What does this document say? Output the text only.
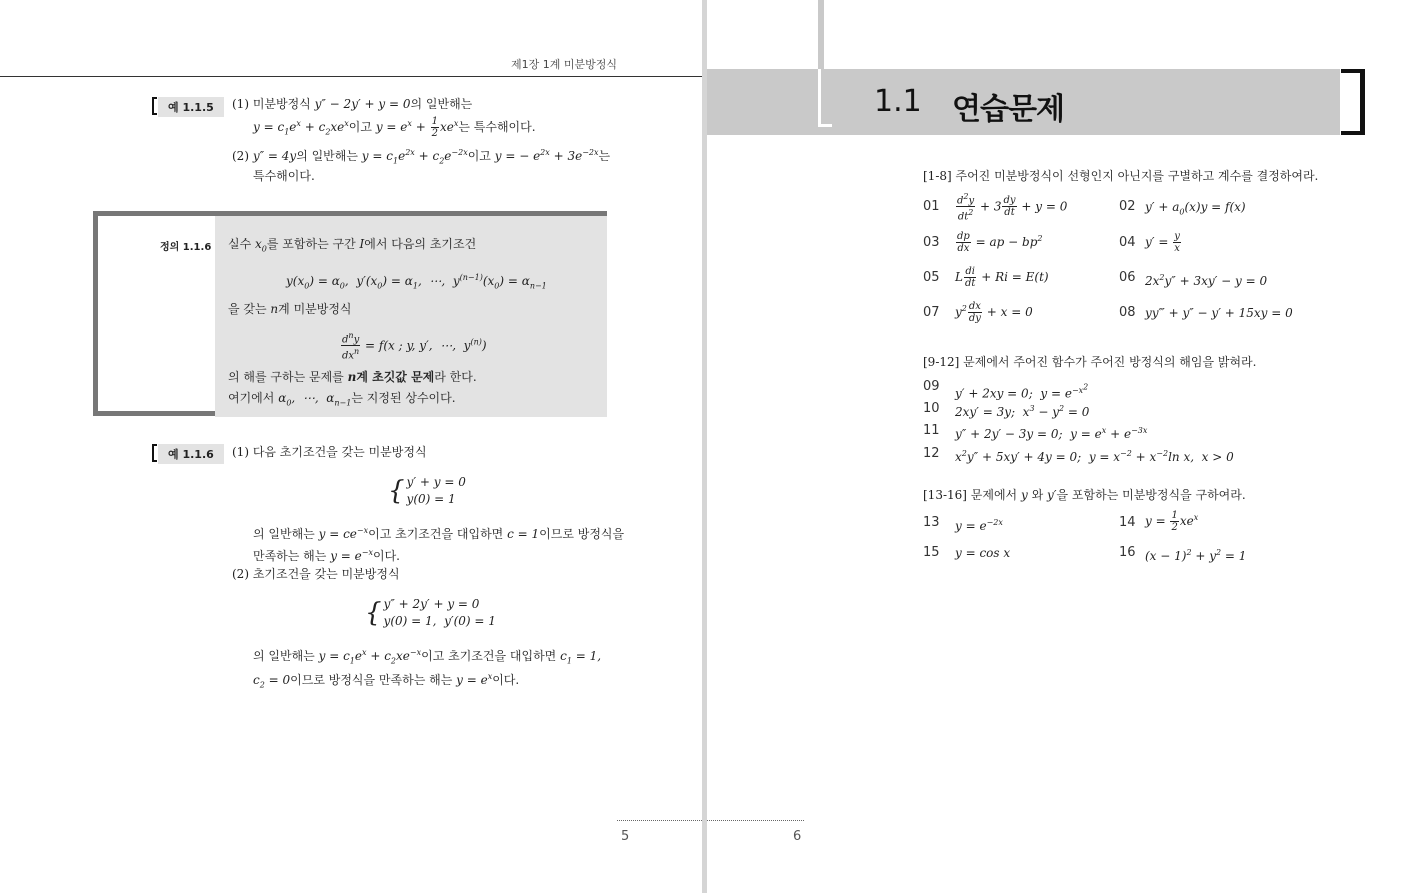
제1장 1계 미분방정식
예 1.1.5	(1) 미분방정식 y″ − 2y′ + y = 0의 일반해는
$y = c_1e^x + c_2xe^x$이고 $y = e^x + \frac{1}{2} xe^x$는 특수해이다.
(2) y″ = 4y의 일반해는 $y = c_1e^{2x} + c_2e^{-2x}$이고 y = − $e^{2x} + 3e^{-2x}$는
특수해이다.
정의 1.1.6 실수 $x_0$를 포함하는 구간 I에서 다음의 초기조건
$y(x_0) = \alpha_0$,  $y'(x_0) = \alpha_1$,  ⋯,  $y^{(n-1)}(x_0) = \alpha_{n-1}$
을 갖는 n계 미분방정식
$\frac{d^ny}{dx^n} = f(x$ ; y, y′,  ⋯,  $y^{(n)}$)
의 해를 구하는 문제를 n계 초깃값 문제라 한다.
여기에서 $\alpha_0$,  ⋯,  $\alpha_{n-1}$는 지정된 상수이다.
예 1.1.6	(1) 다음 초기조건을 갖는 미분방정식
{ y′ + y = 0
y(0) = 1
의 일반해는 $y = ce^{-x}$이고 초기조건을 대입하면 c = 1이므로 방정식을
만족하는 해는 $y = e^{-x}$이다.
(2) 초기조건을 갖는 미분방정식
{ y″ + 2y′ + y = 0
y(0) = 1,  y′(0) = 1
의 일반해는 $y = c_1e^x + c_2xe^{-x}$이고 초기조건을 대입하면 $c_1 = 1$,
$c_2 = 0$이므로 방정식을 만족하는 해는 $y = e^x$이다.
5
1.1 연습문제
[1-8] 주어진 미분방정식이 선형인지 아닌지를 구별하고 계수를 결정하여라.
$01 \frac{d^2y}{dt^2} + 3 \frac{dy}{dt} + y = 0$	02 $y' + a_0(x)y = f(x)$
$03 \frac{dp}{dx}$ = ap − $bp^2$	04 $y' = \frac{y}{x}$
05 L $\frac{di}{dt} + Ri = E(t)$	06 $2x^2y'' + 3xy' - y = 0$
07 $y^2 \frac{dx}{dy} + x = 0$	08 yy‴ + y″ − y′ + 15xy = 0
[9-12] 문제에서 주어진 함수가 주어진 방정식의 해임을 밝혀라.
09 y′ + 2xy = 0;  $y = e^{-x^2}$
10 2xy′ = 3y;  $x^3 - y^2 = 0$
11 y″ + 2y′ − 3y = 0;  $y = e^x + e^{-3x}$
12 $x^2y'' + 5xy' + 4y = 0$;  $y = x^{-2} + x^{-2}\ln$ x,  x > 0
[13-16] 문제에서 y 와 y′을 포함하는 미분방정식을 구하여라.
13 $y = e^{-2x}$	14 $y = \frac{1}{2} xe^x$
15 y = cos x	16 $(x - 1)^2 + y^2 = 1$
6
